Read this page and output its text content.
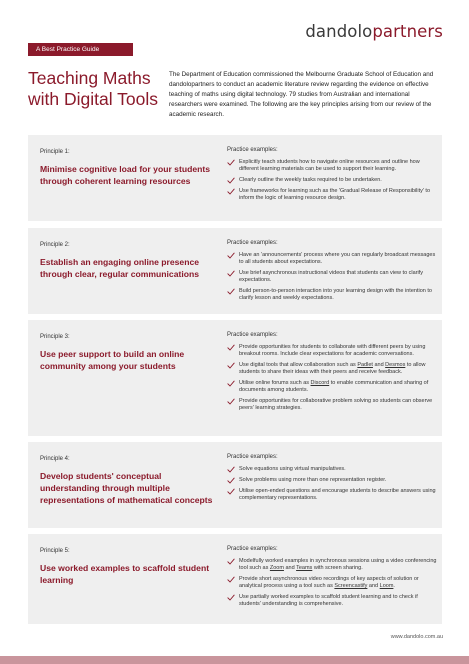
dandolopartners
A Best Practice Guide
Teaching Maths
with Digital Tools

The Department of Education commissioned the Melbourne Graduate School of Education and dandolopartners to conduct an academic literature review regarding the evidence on effective teaching of maths using digital technology. 79 studies from Australian and international researchers were examined. The following are the key principles arising from our review of the academic research.

Principle 1:
Minimise cognitive load for your students through coherent learning resources
Practice examples:
Explicitly teach students how to navigate online resources and outline how different learning materials can be used to support their learning.
Clearly outline the weekly tasks required to be undertaken.
Use frameworks for learning such as the 'Gradual Release of Responsibility' to inform the logic of learning resource design.
Principle 2:
Establish an engaging online presence through clear, regular communications
Practice examples:
Have an 'announcements' process where you can regularly broadcast messages to all students about expectations.
Use brief asynchronous instructional videos that students can view to clarify expectations.
Build person-to-person interaction into your learning design with the intention to clarify lesson and weekly expectations.
Principle 3:
Use peer support to build an online community among your students
Practice examples:
Provide opportunities for students to collaborate with different peers by using breakout rooms. Include clear expectations for academic conversations.
Use digital tools that allow collaboration such as Padlet and Desmos to allow students to share their ideas with their peers and receive feedback.
Utilise online forums such as Discord to enable communication and sharing of documents among students.
Provide opportunities for collaborative problem solving so students can observe peers' learning strategies.
Principle 4:
Develop students' conceptual understanding through multiple representations of mathematical concepts
Practice examples:
Solve equations using virtual manipulatives.
Solve problems using more than one representation register.
Utilise open-ended questions and encourage students to describe answers using complementary representations.
Principle 5:
Use worked examples to scaffold student learning
Practice examples:
Modelfully worked examples in synchronous sessions using a video conferencing tool such as Zoom and Teams with screen sharing.
Provide short asynchronous video recordings of key aspects of solution or analytical process using a tool such as Screencastify and Loom.
Use partially worked examples to scaffold student learning and to check if students' understanding is comprehensive.
www.dandolo.com.au
